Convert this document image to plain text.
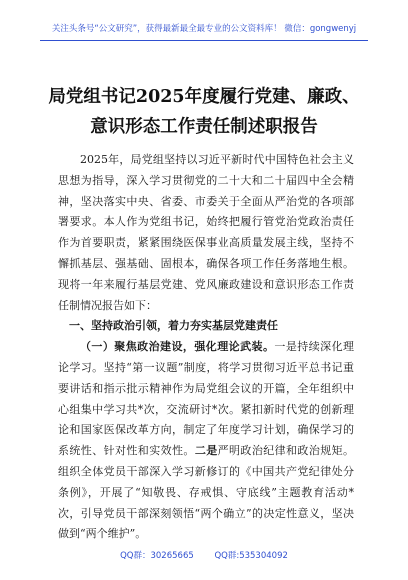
关注头条号“公文研究”，获得最新最全最专业的公文资料库！ 微信：gongwenyj
局党组书记2025年度履行党建、廉政、意识形态工作责任制述职报告

2025年，局党组坚持以习近平新时代中国特色社会主义思想为指导，深入学习贯彻党的二十大和二十届四中全会精神，坚决落实中央、省委、市委关于全面从严治党的各项部署要求。本人作为党组书记，始终把履行管党治党政治责任作为首要职责，紧紧围绕医保事业高质量发展主线，坚持不懈抓基层、强基础、固根本，确保各项工作任务落地生根。现将一年来履行基层党建、党风廉政建设和意识形态工作责任制情况报告如下：

一、坚持政治引领，着力夯实基层党建责任

（一）聚焦政治建设，强化理论武装。一是持续深化理论学习。坚持“第一议题”制度，将学习贯彻习近平总书记重要讲话和指示批示精神作为局党组会议的开篇，全年组织中心组集中学习共*次，交流研讨*次。紧扣新时代党的创新理论和国家医保改革方向，制定了年度学习计划，确保学习的系统性、针对性和实效性。二是严明政治纪律和政治规矩。组织全体党员干部深入学习新修订的《中国共产党纪律处分条例》，开展了“知敬畏、存戒惧、守底线”主题教育活动*次，引导党员干部深刻领悟“两个确立”的决定性意义，坚决做到“两个维护”。

QQ群：30265665 QQ群:535304092
